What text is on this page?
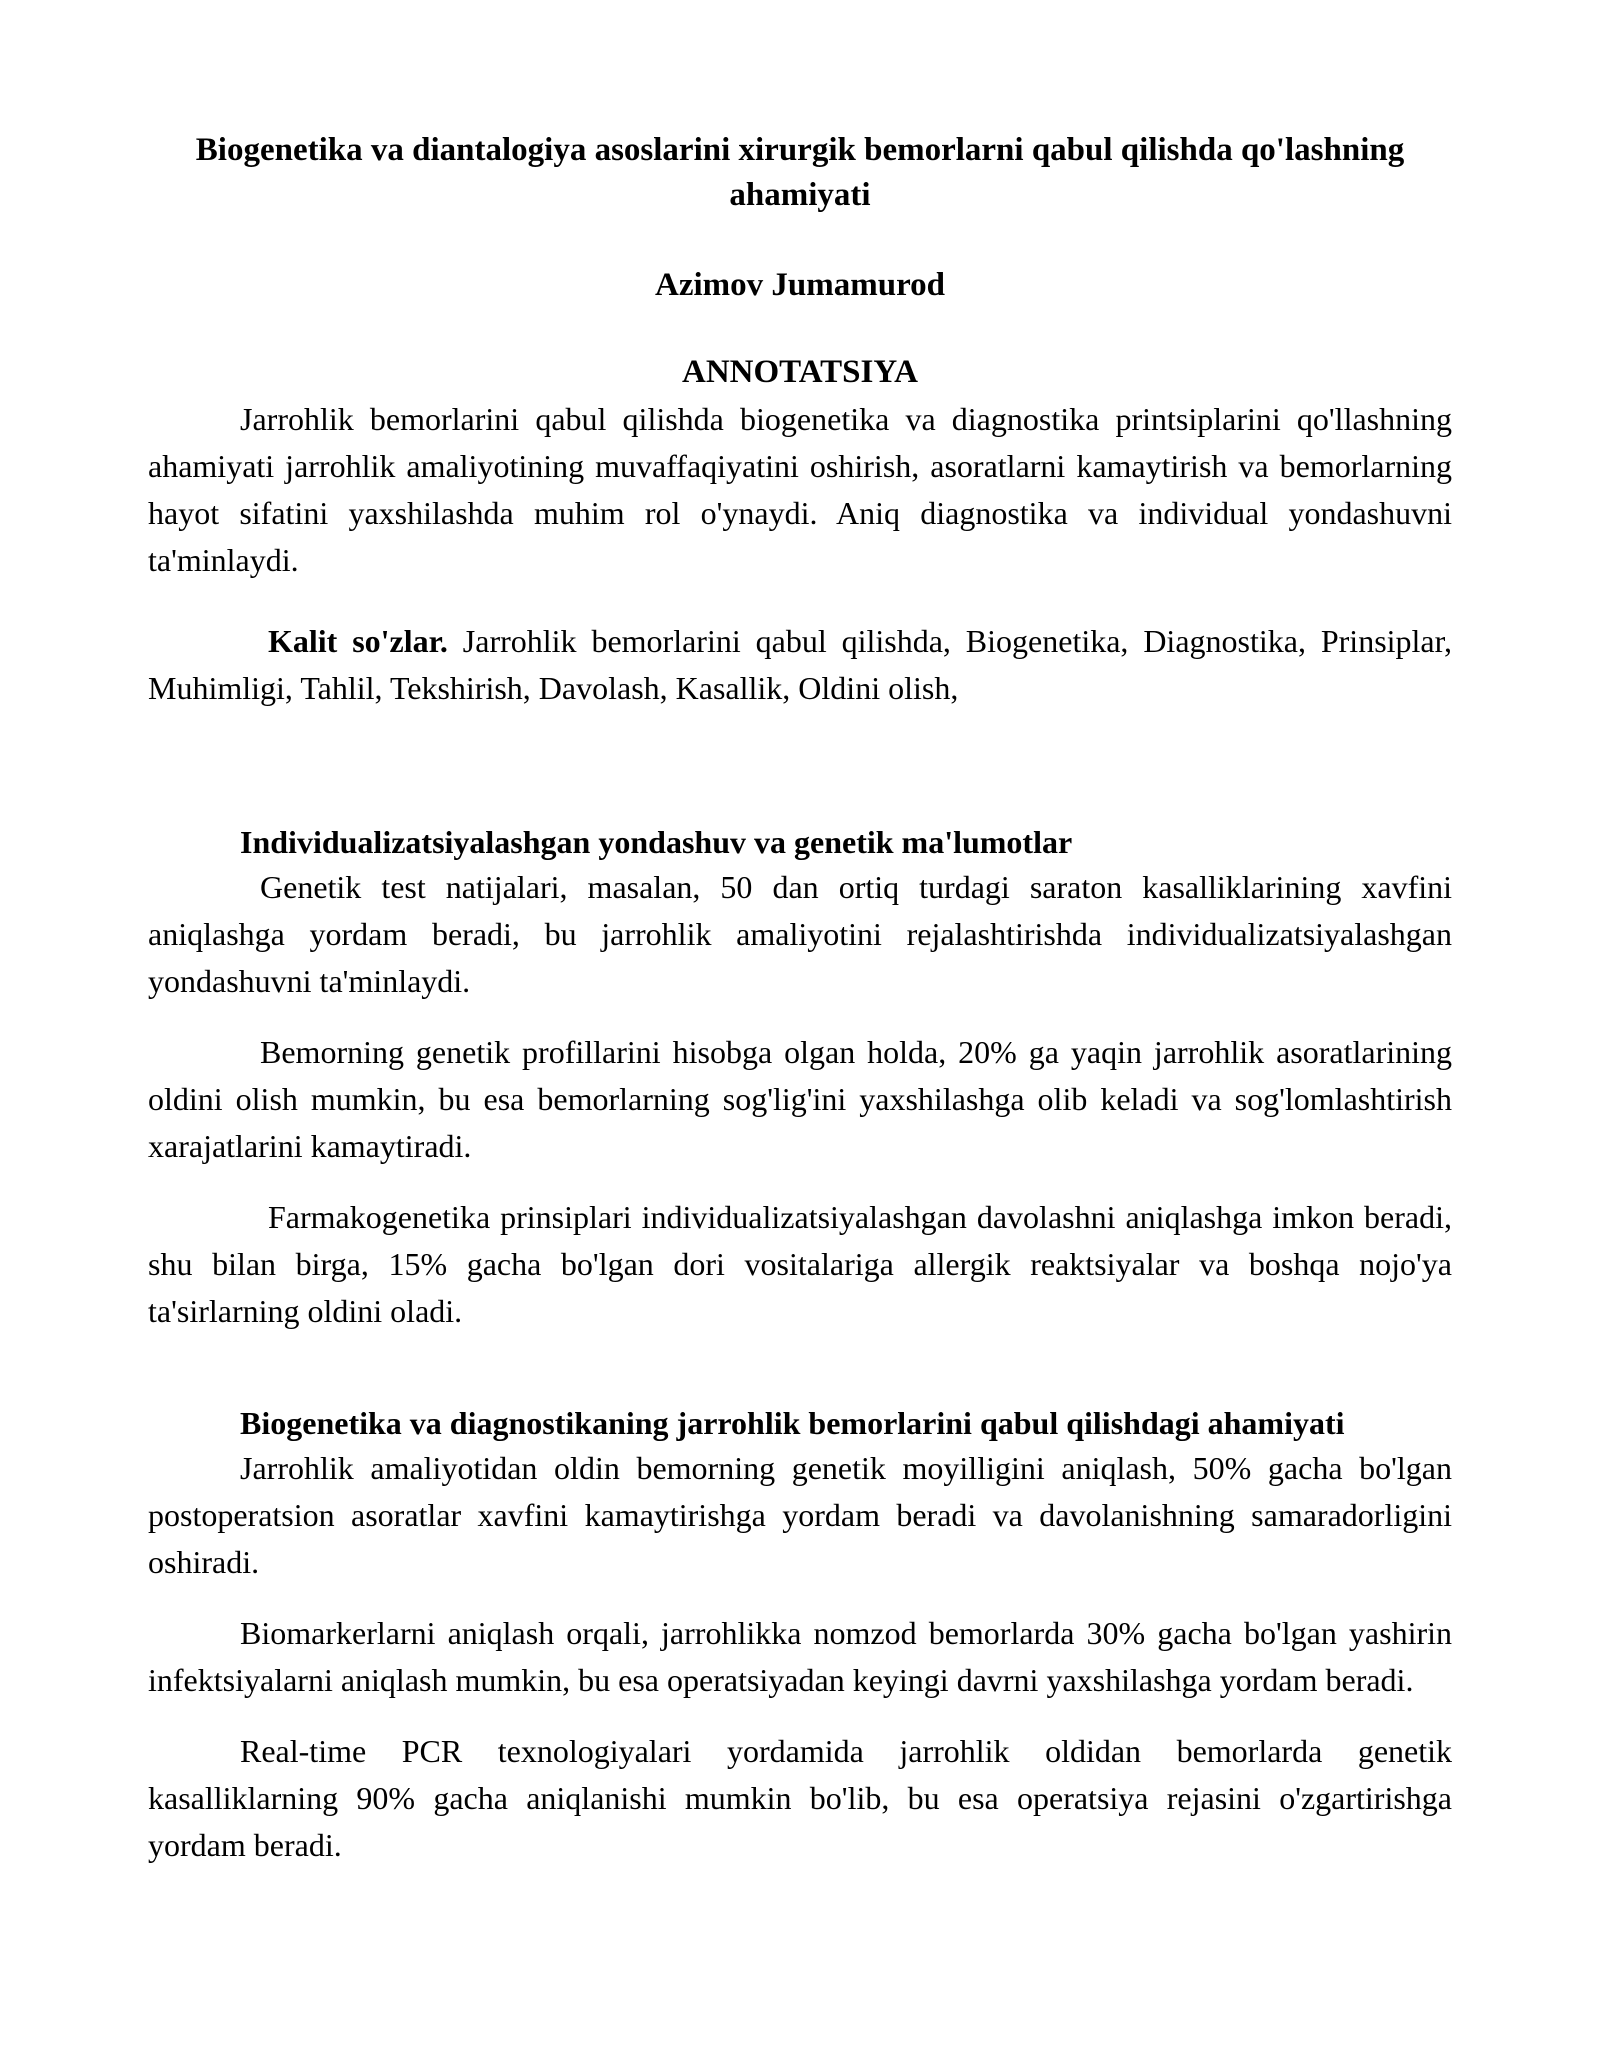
Biogenetika va diantalogiya asoslarini xirurgik bemorlarni qabul qilishda qo'lashning ahamiyati
Azimov Jumamurod
ANNOTATSIYA

Jarrohlik bemorlarini qabul qilishda biogenetika va diagnostika printsiplarini qo'llashning ahamiyati jarrohlik amaliyotining muvaffaqiyatini oshirish, asoratlarni kamaytirish va bemorlarning hayot sifatini yaxshilashda muhim rol o'ynaydi. Aniq diagnostika va individual yondashuvni ta'minlaydi.

Kalit so'zlar. Jarrohlik bemorlarini qabul qilishda, Biogenetika, Diagnostika, Prinsiplar, Muhimligi, Tahlil, Tekshirish, Davolash, Kasallik, Oldini olish,

Individualizatsiyalashgan yondashuv va genetik ma'lumotlar

Genetik test natijalari, masalan, 50 dan ortiq turdagi saraton kasalliklarining xavfini aniqlashga yordam beradi, bu jarrohlik amaliyotini rejalashtirishda individualizatsiyalashgan yondashuvni ta'minlaydi.

Bemorning genetik profillarini hisobga olgan holda, 20% ga yaqin jarrohlik asoratlarining oldini olish mumkin, bu esa bemorlarning sog'lig'ini yaxshilashga olib keladi va sog'lomlashtirish xarajatlarini kamaytiradi.

Farmakogenetika prinsiplari individualizatsiyalashgan davolashni aniqlashga imkon beradi, shu bilan birga, 15% gacha bo'lgan dori vositalariga allergik reaktsiyalar va boshqa nojo'ya ta'sirlarning oldini oladi.

Biogenetika va diagnostikaning jarrohlik bemorlarini qabul qilishdagi ahamiyati

Jarrohlik amaliyotidan oldin bemorning genetik moyilligini aniqlash, 50% gacha bo'lgan postoperatsion asoratlar xavfini kamaytirishga yordam beradi va davolanishning samaradorligini oshiradi.

Biomarkerlarni aniqlash orqali, jarrohlikka nomzod bemorlarda 30% gacha bo'lgan yashirin infektsiyalarni aniqlash mumkin, bu esa operatsiyadan keyingi davrni yaxshilashga yordam beradi.

Real-time PCR texnologiyalari yordamida jarrohlik oldidan bemorlarda genetik kasalliklarning 90% gacha aniqlanishi mumkin bo'lib, bu esa operatsiya rejasini o'zgartirishga yordam beradi.
